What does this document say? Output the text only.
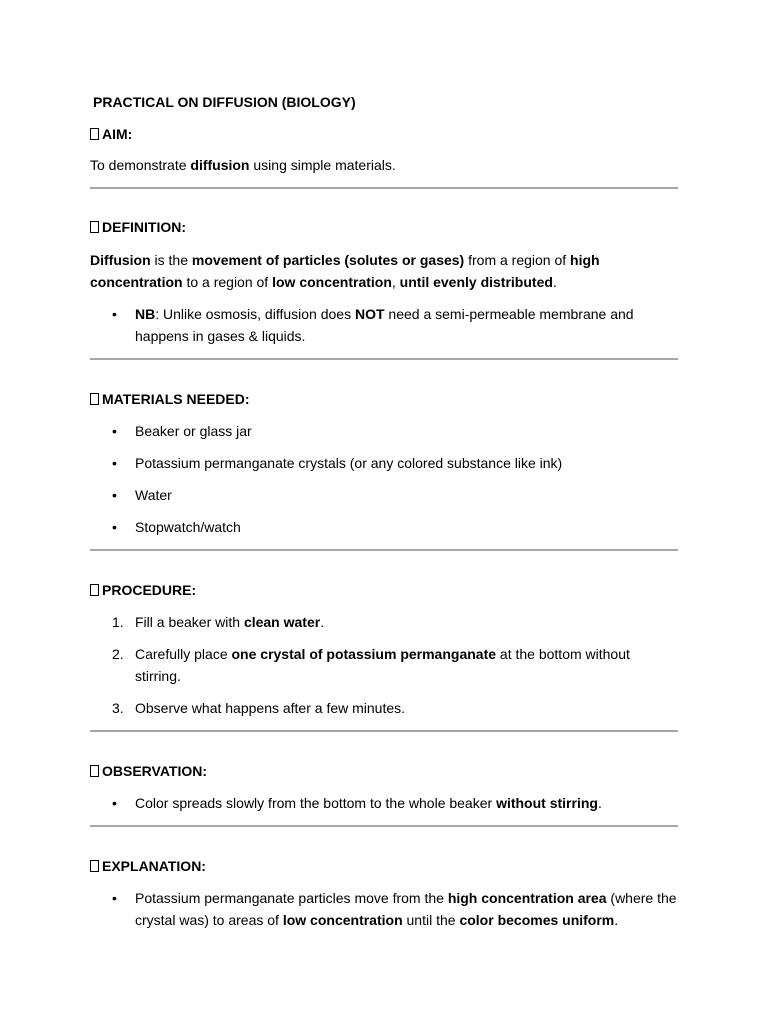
PRACTICAL ON DIFFUSION (BIOLOGY)

AIM:

To demonstrate diffusion using simple materials.

DEFINITION:

Diffusion is the movement of particles (solutes or gases) from a region of high concentration to a region of low concentration, until evenly distributed.

• NB: Unlike osmosis, diffusion does NOT need a semi-permeable membrane and happens in gases & liquids.

MATERIALS NEEDED:

• Beaker or glass jar
• Potassium permanganate crystals (or any colored substance like ink)
• Water
• Stopwatch/watch

PROCEDURE:

1. Fill a beaker with clean water.
2. Carefully place one crystal of potassium permanganate at the bottom without stirring.
3. Observe what happens after a few minutes.

OBSERVATION:

• Color spreads slowly from the bottom to the whole beaker without stirring.

EXPLANATION:

• Potassium permanganate particles move from the high concentration area (where the crystal was) to areas of low concentration until the color becomes uniform.
